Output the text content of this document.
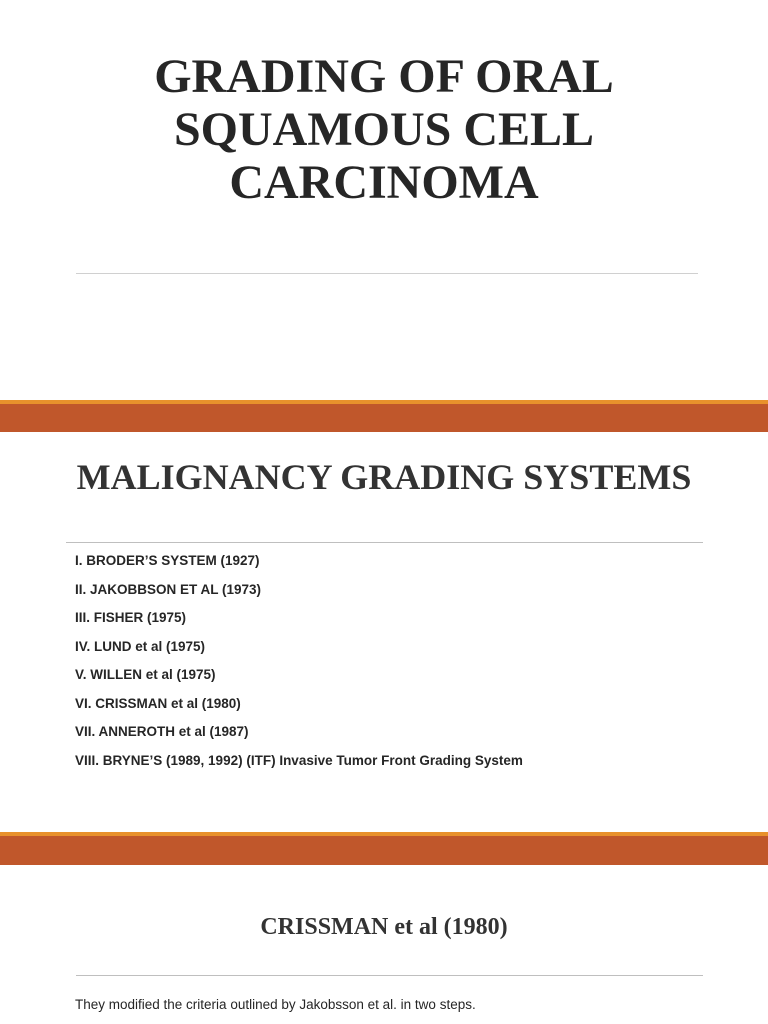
GRADING OF ORAL SQUAMOUS CELL CARCINOMA
MALIGNANCY GRADING SYSTEMS
I. BRODER’S SYSTEM (1927)
II. JAKOBBSON ET AL (1973)
III. FISHER (1975)
IV. LUND et al (1975)
V. WILLEN et al (1975)
VI. CRISSMAN et al (1980)
VII. ANNEROTH et al (1987)
VIII. BRYNE’S (1989, 1992) (ITF) Invasive Tumor Front Grading System
CRISSMAN et al (1980)

They modified the criteria outlined by Jakobsson et al. in two steps.
